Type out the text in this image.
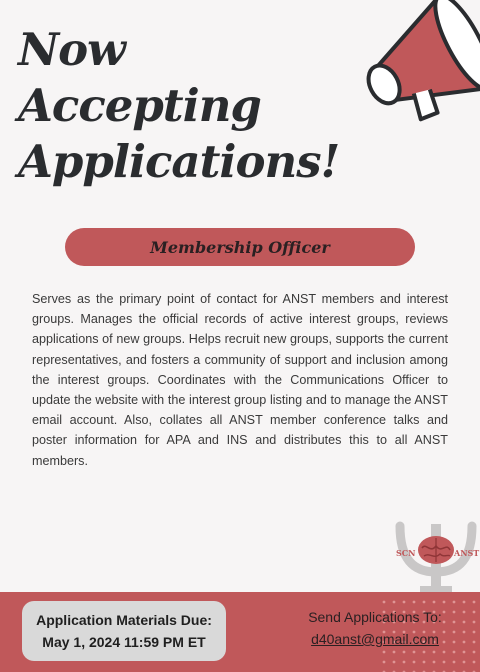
Now
Accepting
Applications!
Membership Officer

Serves as the primary point of contact for ANST members and interest groups. Manages the official records of active interest groups, reviews applications of new groups. Helps recruit new groups, supports the current representatives, and fosters a community of support and inclusion among the interest groups. Coordinates with the Communications Officer to update the website with the interest group listing and to manage the ANST email account. Also, collates all ANST member conference talks and poster information for APA and INS and distributes this to all ANST members.

SCN	ANST
Application Materials Due:
May 1, 2024 11:59 PM ET
Send Applications To:
d40anst@gmail.com
